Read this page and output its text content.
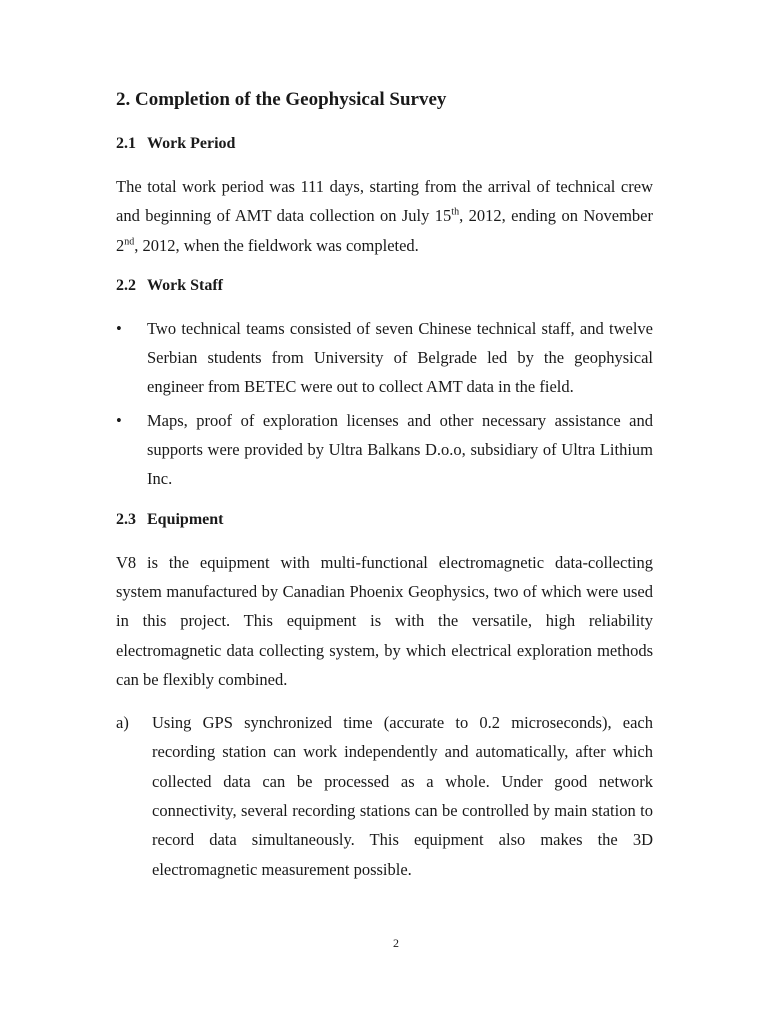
2. Completion of the Geophysical Survey
2.1 Work Period

The total work period was 111 days, starting from the arrival of technical crew and beginning of AMT data collection on July 15th, 2012, ending on November 2nd, 2012, when the fieldwork was completed.

2.2 Work Staff
• Two technical teams consisted of seven Chinese technical staff, and twelve Serbian students from University of Belgrade led by the geophysical engineer from BETEC were out to collect AMT data in the field.
• Maps, proof of exploration licenses and other necessary assistance and supports were provided by Ultra Balkans D.o.o, subsidiary of Ultra Lithium Inc.
2.3 Equipment

V8 is the equipment with multi-functional electromagnetic data-collecting system manufactured by Canadian Phoenix Geophysics, two of which were used in this project. This equipment is with the versatile, high reliability electromagnetic data collecting system, by which electrical exploration methods can be flexibly combined.

a) Using GPS synchronized time (accurate to 0.2 microseconds), each recording station can work independently and automatically, after which collected data can be processed as a whole. Under good network connectivity, several recording stations can be controlled by main station to record data simultaneously. This equipment also makes the 3D electromagnetic measurement possible.
2
